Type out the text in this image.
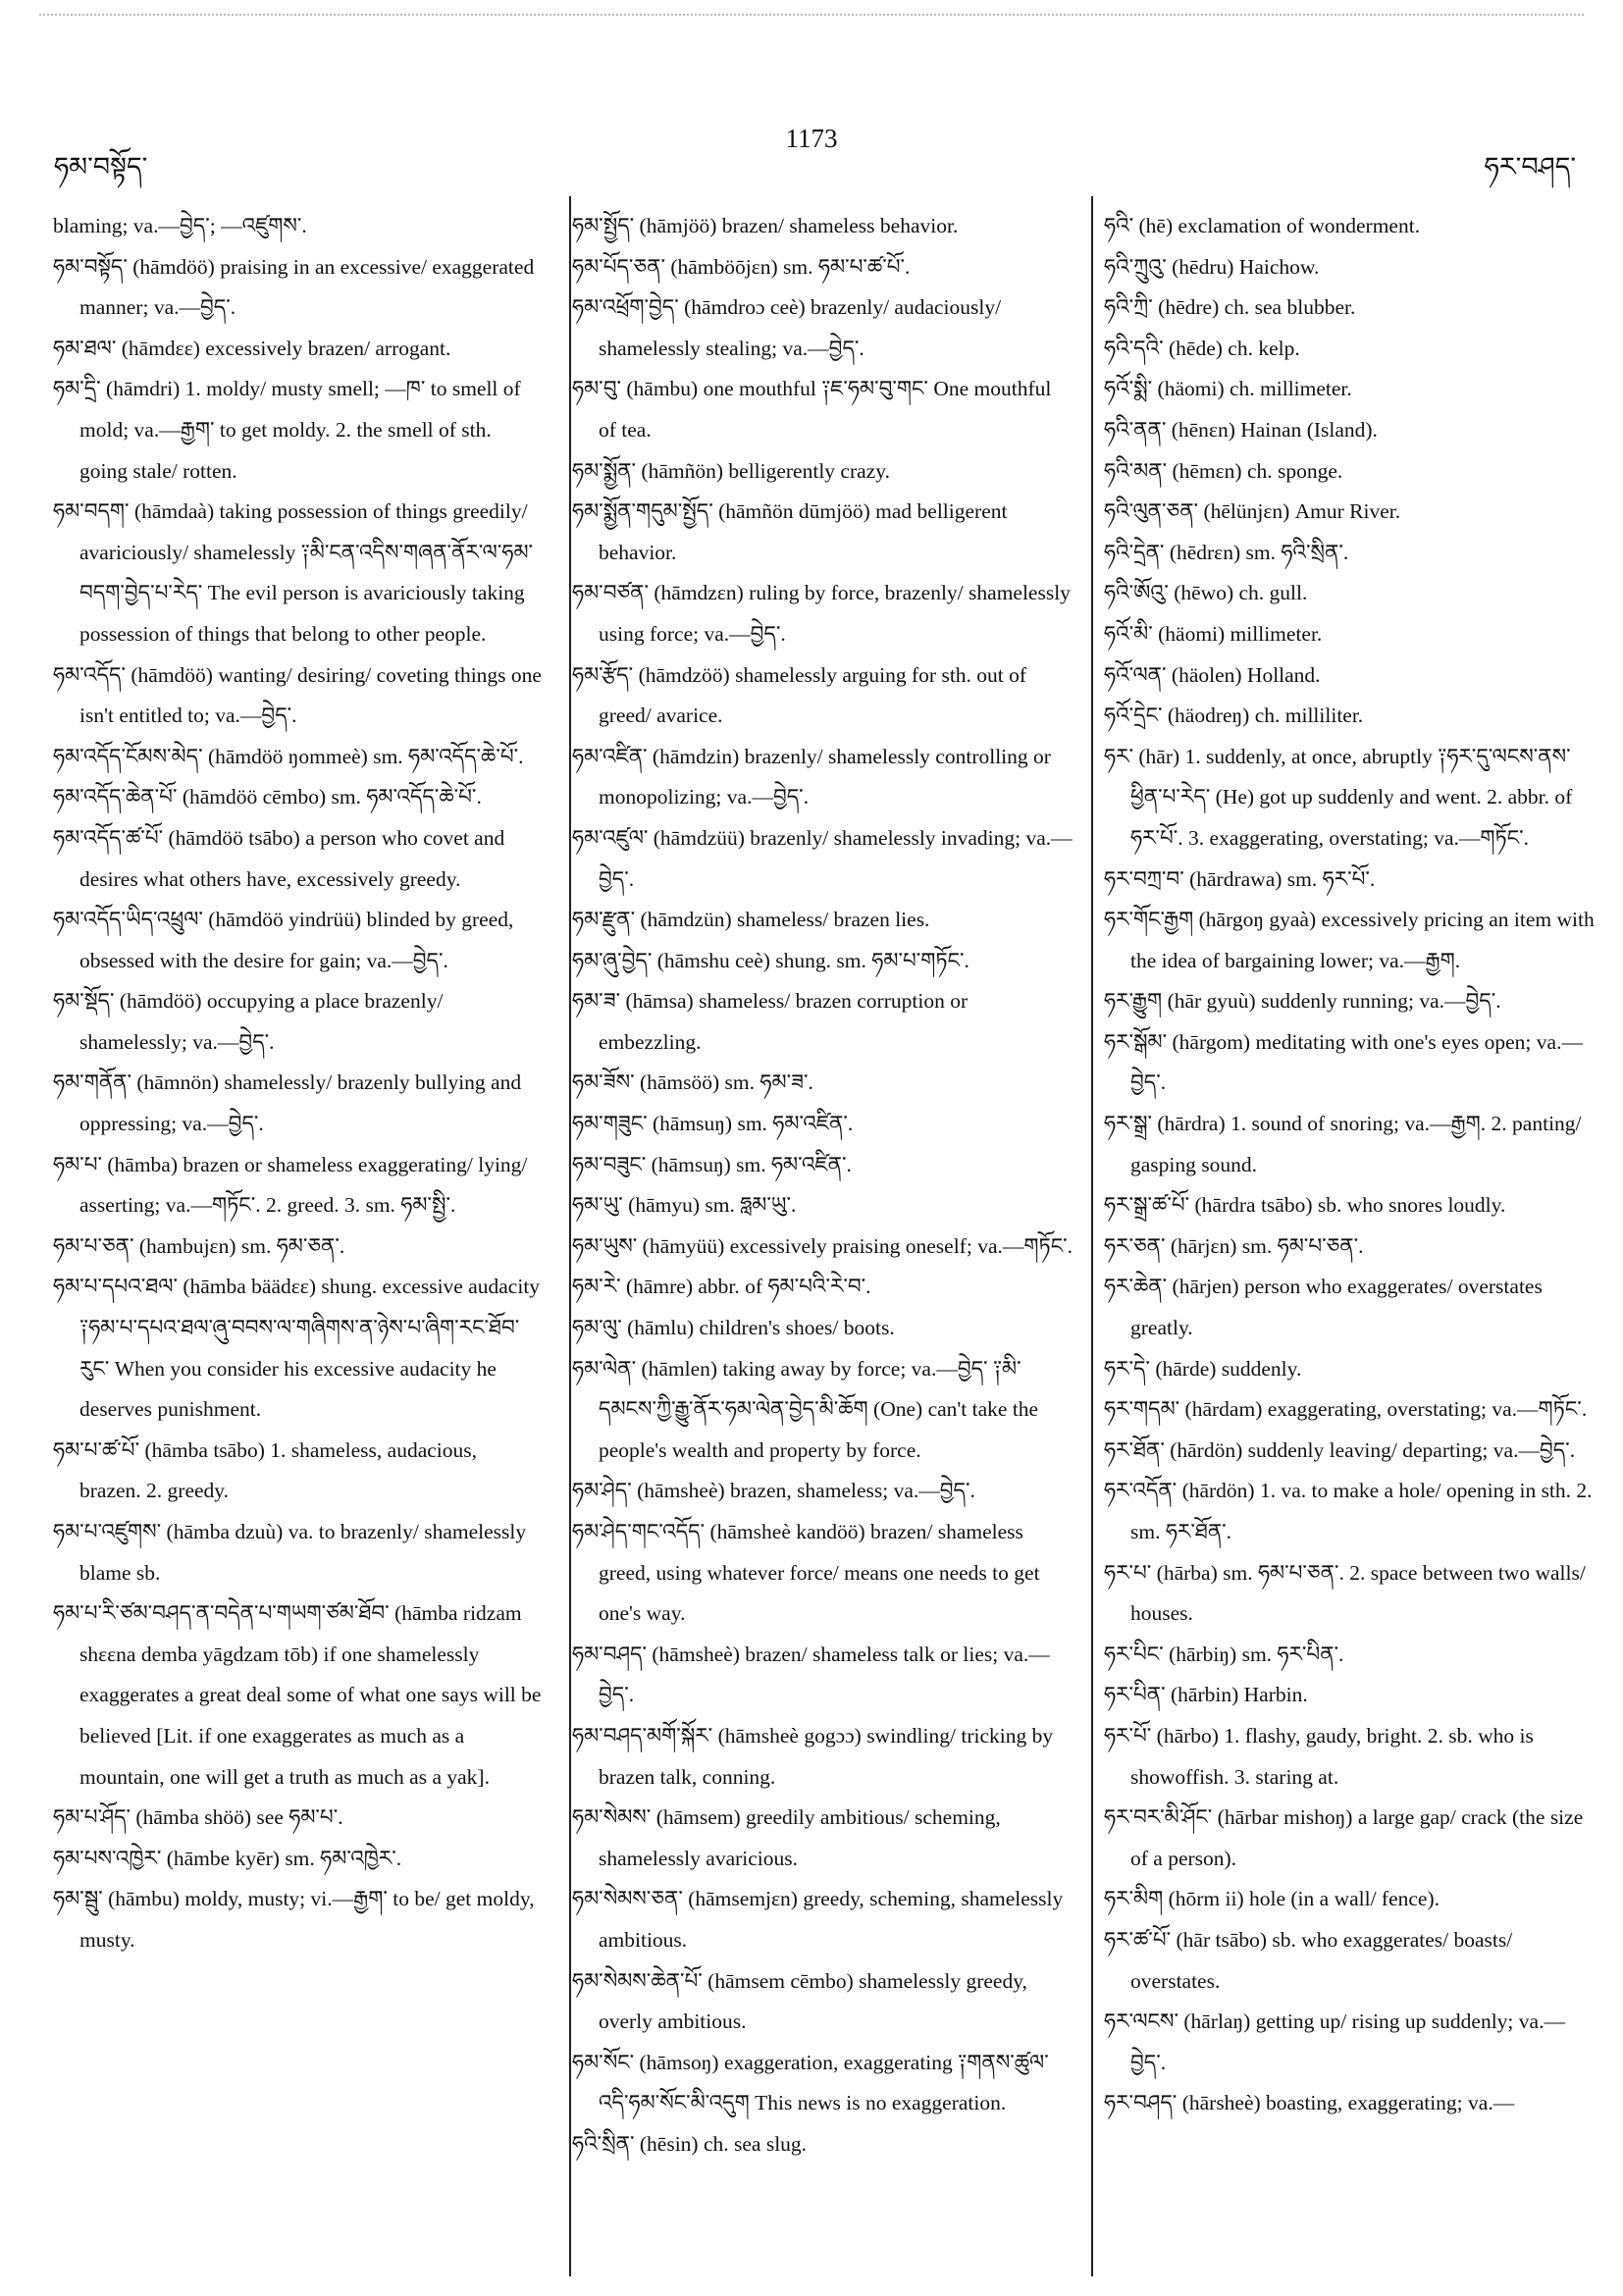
ཧམ་བསྟོད་
1173
ཧར་བཤད་

blaming; va.—བྱེད་; —འཛུགས་.

ཧམ་བསྟོད་ (hāmdöö) praising in an excessive/ exaggerated manner; va.—བྱེད་.

ཧམ་ཐལ་ (hāmdεε) excessively brazen/ arrogant.

ཧམ་དྲི་ (hāmdri) 1. moldy/ musty smell; —ཁ་ to smell of mold; va.—རྒྱག་ to get moldy. 2. the smell of sth. going stale/ rotten.

ཧམ་བདག་ (hāmdaà) taking possession of things greedily/ avariciously/ shamelessly ༑མི་ངན་འདིས་གཞན་ནོར་ལ་ཧམ་བདག་བྱེད་པ་རེད་ The evil person is avariciously taking possession of things that belong to other people.

ཧམ་འདོད་ (hāmdöö) wanting/ desiring/ coveting things one isn't entitled to; va.—བྱེད་.

ཧམ་འདོད་ངོམས་མེད་ (hāmdöö ŋommeè) sm. ཧམ་འདོད་ཆེ་པོ་.

ཧམ་འདོད་ཆེན་པོ་ (hāmdöö cēmbo) sm. ཧམ་འདོད་ཆེ་པོ་.

ཧམ་འདོད་ཚ་པོ་ (hāmdöö tsābo) a person who covet and desires what others have, excessively greedy.

ཧམ་འདོད་ཡིད་འཕྲུལ་ (hāmdöö yindrüü) blinded by greed, obsessed with the desire for gain; va.—བྱེད་.

ཧམ་སྡོད་ (hāmdöö) occupying a place brazenly/ shamelessly; va.—བྱེད་.

ཧམ་གནོན་ (hāmnön) shamelessly/ brazenly bullying and oppressing; va.—བྱེད་.

ཧམ་པ་ (hāmba) brazen or shameless exaggerating/ lying/ asserting; va.—གཏོང་. 2. greed. 3. sm. ཧམ་སྤྱི་.

ཧམ་པ་ཅན་ (hambujεn) sm. ཧམ་ཅན་.

ཧམ་པ་དཔའ་ཐལ་ (hāmba bäädεε) shung. excessive audacity ༑ཧམ་པ་དཔའ་ཐལ་ཞུ་བབས་ལ་གཞིགས་ན་ཉེས་པ་ཞིག་རང་ཐོབ་རུང་ When you consider his excessive audacity he deserves punishment.

ཧམ་པ་ཚ་པོ་ (hāmba tsābo) 1. shameless, audacious, brazen. 2. greedy.

ཧམ་པ་འཛུགས་ (hāmba dzuù) va. to brazenly/ shamelessly blame sb.

ཧམ་པ་རི་ཙམ་བཤད་ན་བདེན་པ་གཡག་ཙམ་ཐོབ་ (hāmba ridzam shεεna demba yāgdzam tōb) if one shamelessly exaggerates a great deal some of what one says will be believed [Lit. if one exaggerates as much as a mountain, one will get a truth as much as a yak].

ཧམ་པ་ཤོད་ (hāmba shöö) see ཧམ་པ་.

ཧམ་པས་འཁྱེར་ (hāmbe kyēr) sm. ཧམ་འཁྱེར་.

ཧམ་སྦུ་ (hāmbu) moldy, musty; vi.—རྒྱག་ to be/ get moldy, musty.

ཧམ་སྤྱོད་ (hāmjöö) brazen/ shameless behavior.

ཧམ་པོད་ཅན་ (hāmböōjεn) sm. ཧམ་པ་ཚ་པོ་.

ཧམ་འཕྲོག་བྱེད་ (hāmdroɔ ceè) brazenly/ audaciously/ shamelessly stealing; va.—བྱེད་.

ཧམ་བུ་ (hāmbu) one mouthful ༑ཇ་ཧམ་བུ་གང་ One mouthful of tea.

ཧམ་སྨྱོན་ (hāmñön) belligerently crazy.

ཧམ་སྨྱོན་གདུམ་སྤྱོད་ (hāmñön dūmjöö) mad belligerent behavior.

ཧམ་བཙན་ (hāmdzεn) ruling by force, brazenly/ shamelessly using force; va.—བྱེད་.

ཧམ་རྩོད་ (hāmdzöö) shamelessly arguing for sth. out of greed/ avarice.

ཧམ་འཛིན་ (hāmdzin) brazenly/ shamelessly controlling or monopolizing; va.—བྱེད་.

ཧམ་འཛུལ་ (hāmdzüü) brazenly/ shamelessly invading; va.—བྱེད་.

ཧམ་རྫུན་ (hāmdzün) shameless/ brazen lies.

ཧམ་ཞུ་བྱེད་ (hāmshu ceè) shung. sm. ཧམ་པ་གཏོང་.

ཧམ་ཟ་ (hāmsa) shameless/ brazen corruption or embezzling.

ཧམ་ཟོས་ (hāmsöö) sm. ཧམ་ཟ་.

ཧམ་གཟུང་ (hāmsuŋ) sm. ཧམ་འཛིན་.

ཧམ་བཟུང་ (hāmsuŋ) sm. ཧམ་འཛིན་.

ཧམ་ཡུ་ (hāmyu) sm. ཧླམ་ཡུ་.

ཧམ་ཡུས་ (hāmyüü) excessively praising oneself; va.—གཏོང་.

ཧམ་རེ་ (hāmre) abbr. of ཧམ་པའི་རེ་བ་.

ཧམ་ལུ་ (hāmlu) children's shoes/ boots.

ཧམ་ལེན་ (hāmlen) taking away by force; va.—བྱེད་ ༑མི་དམངས་ཀྱི་རྒྱུ་ནོར་ཧམ་ལེན་བྱེད་མི་ཆོག (One) can't take the people's wealth and property by force.

ཧམ་ཤེད་ (hāmsheè) brazen, shameless; va.—བྱེད་.

ཧམ་ཤེད་གང་འདོད་ (hāmsheè kandöö) brazen/ shameless greed, using whatever force/ means one needs to get one's way.

ཧམ་བཤད་ (hāmsheè) brazen/ shameless talk or lies; va.—བྱེད་.

ཧམ་བཤད་མགོ་སྐོར་ (hāmsheè gogɔɔ) swindling/ tricking by brazen talk, conning.

ཧམ་སེམས་ (hāmsem) greedily ambitious/ scheming, shamelessly avaricious.

ཧམ་སེམས་ཅན་ (hāmsemjεn) greedy, scheming, shamelessly ambitious.

ཧམ་སེམས་ཆེན་པོ་ (hāmsem cēmbo) shamelessly greedy, overly ambitious.

ཧམ་སོང་ (hāmsoŋ) exaggeration, exaggerating ༑གནས་ཚུལ་འདི་ཧམ་སོང་མི་འདུག This news is no exaggeration.

ཧའི་སྲིན་ (hēsin) ch. sea slug.

ཧའི་ (hē) exclamation of wonderment.

ཧའི་ཀྲུའུ་ (hēdru) Haichow.

ཧའི་ཀྲི་ (hēdre) ch. sea blubber.

ཧའི་དའི་ (hēde) ch. kelp.

ཧའོ་སྨི་ (häomi) ch. millimeter.

ཧའི་ནན་ (hēnεn) Hainan (Island).

ཧའི་མན་ (hēmεn) ch. sponge.

ཧའི་ལུན་ཅན་ (hēlünjεn) Amur River.

ཧའི་དྲེན་ (hēdrεn) sm. ཧའི་སྲིན་.

ཧའི་ཨོའུ་ (hēwo) ch. gull.

ཧའོ་མི་ (häomi) millimeter.

ཧའོ་ལན་ (häolen) Holland.

ཧའོ་དྲེང་ (häodreŋ) ch. milliliter.

ཧར་ (hār) 1. suddenly, at once, abruptly ༑ཧར་དུ་ལངས་ནས་ཕྱིན་པ་རེད་ (He) got up suddenly and went. 2. abbr. of ཧར་པོ་. 3. exaggerating, overstating; va.—གཏོང་.

ཧར་བཀྲ་བ་ (hārdrawa) sm. ཧར་པོ་.

ཧར་གོང་རྒྱག (hārgoŋ gyaà) excessively pricing an item with the idea of bargaining lower; va.—རྒྱག.

ཧར་རྒྱུག (hār gyuù) suddenly running; va.—བྱེད་.

ཧར་སྒོམ་ (hārgom) meditating with one's eyes open; va.—བྱེད་.

ཧར་སྒྲ་ (hārdra) 1. sound of snoring; va.—རྒྱག. 2. panting/ gasping sound.

ཧར་སྒྲ་ཚ་པོ་ (hārdra tsābo) sb. who snores loudly.

ཧར་ཅན་ (hārjεn) sm. ཧམ་པ་ཅན་.

ཧར་ཆེན་ (hārjen) person who exaggerates/ overstates greatly.

ཧར་དེ་ (hārde) suddenly.

ཧར་གདམ་ (hārdam) exaggerating, overstating; va.—གཏོང་.

ཧར་ཐོན་ (hārdön) suddenly leaving/ departing; va.—བྱེད་.

ཧར་འདོན་ (hārdön) 1. va. to make a hole/ opening in sth. 2. sm. ཧར་ཐོན་.

ཧར་པ་ (hārba) sm. ཧམ་པ་ཅན་. 2. space between two walls/ houses.

ཧར་པིང་ (hārbiŋ) sm. ཧར་པིན་.

ཧར་པིན་ (hārbin) Harbin.

ཧར་པོ་ (hārbo) 1. flashy, gaudy, bright. 2. sb. who is showoffish. 3. staring at.

ཧར་བར་མི་ཤོང་ (hārbar mishoŋ) a large gap/ crack (the size of a person).

ཧར་མིག (hōrm ii) hole (in a wall/ fence).

ཧར་ཚ་པོ་ (hār tsābo) sb. who exaggerates/ boasts/ overstates.

ཧར་ལངས་ (hārlaŋ) getting up/ rising up suddenly; va.—བྱེད་.

ཧར་བཤད་ (hārsheè) boasting, exaggerating; va.—
